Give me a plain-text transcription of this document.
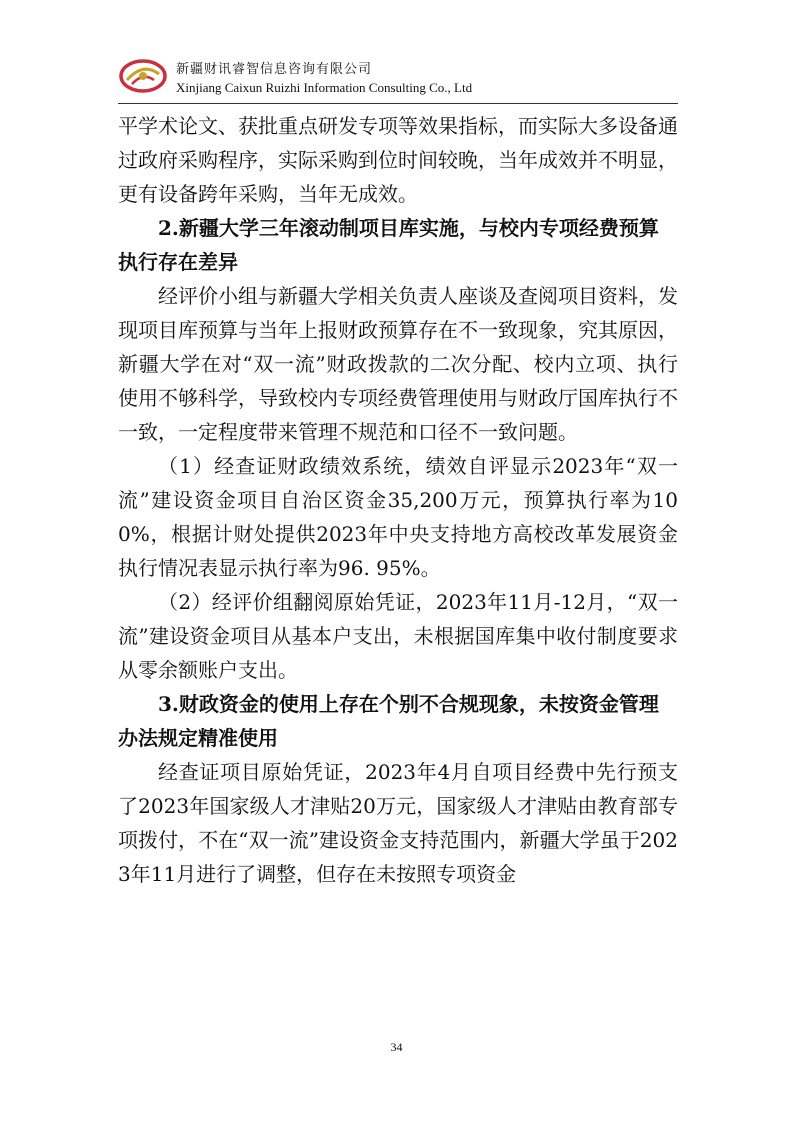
新疆财讯睿智信息咨询有限公司
Xinjiang Caixun Ruizhi Information Consulting Co., Ltd

平学术论文、获批重点研发专项等效果指标，而实际大多设备通过政府采购程序，实际采购到位时间较晚，当年成效并不明显，更有设备跨年采购，当年无成效。

2.新疆大学三年滚动制项目库实施，与校内专项经费预算执行存在差异

经评价小组与新疆大学相关负责人座谈及查阅项目资料，发现项目库预算与当年上报财政预算存在不一致现象，究其原因，新疆大学在对“双一流”财政拨款的二次分配、校内立项、执行使用不够科学，导致校内专项经费管理使用与财政厅国库执行不一致，一定程度带来管理不规范和口径不一致问题。

（1）经查证财政绩效系统，绩效自评显示2023年“双一流”建设资金项目自治区资金35,200万元，预算执行率为100%，根据计财处提供2023年中央支持地方高校改革发展资金执行情况表显示执行率为96. 95%。

（2）经评价组翻阅原始凭证，2023年11月-12月，“双一流”建设资金项目从基本户支出，未根据国库集中收付制度要求从零余额账户支出。

3.财政资金的使用上存在个别不合规现象，未按资金管理办法规定精准使用

经查证项目原始凭证，2023年4月自项目经费中先行预支了2023年国家级人才津贴20万元，国家级人才津贴由教育部专项拨付，不在“双一流”建设资金支持范围内，新疆大学虽于2023年11月进行了调整，但存在未按照专项资金

34
